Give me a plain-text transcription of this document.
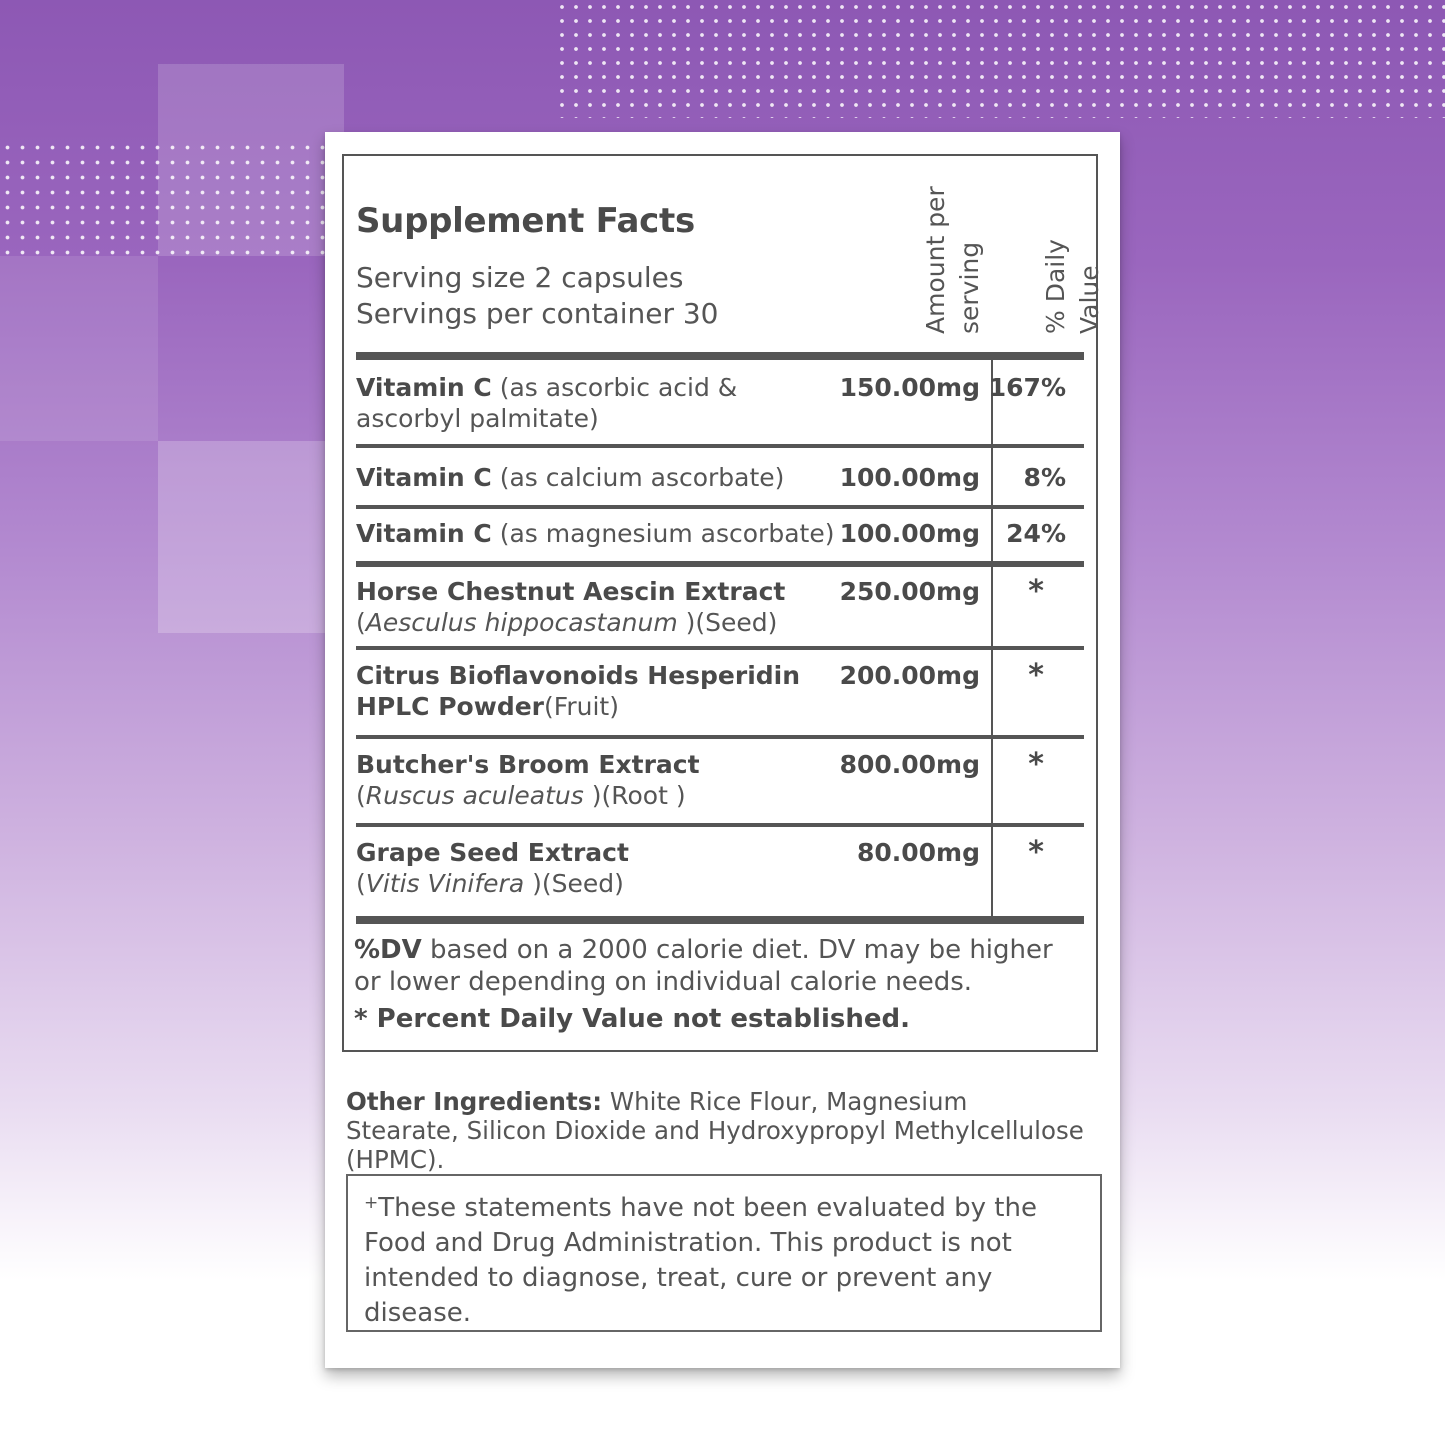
Supplement Facts
Serving size 2 capsules
Servings per container 30	Amount per serving % Daily Value
Vitamin C (as ascorbic acid & ascorbyl palmitate)
150.00mg 167%
Vitamin C (as calcium ascorbate)	100.00mg 8%
Vitamin C (as magnesium ascorbate) 100.00mg 24%
Horse Chestnut Aescin Extract
(Aesculus hippocastanum )(Seed)
250.00mg *
Citrus Bioflavonoids Hesperidin HPLC Powder(Fruit)
200.00mg *
Butcher's Broom Extract
(Ruscus aculeatus )(Root )
800.00mg *
Grape Seed Extract
(Vitis Vinifera )(Seed)
80.00mg *
%DV based on a 2000 calorie diet. DV may be higher or lower depending on individual calorie needs.
* Percent Daily Value not established.
Other Ingredients: White Rice Flour, Magnesium Stearate, Silicon Dioxide and Hydroxypropyl Methylcellulose (HPMC).
+These statements have not been evaluated by the Food and Drug Administration. This product is not intended to diagnose, treat, cure or prevent any disease.
